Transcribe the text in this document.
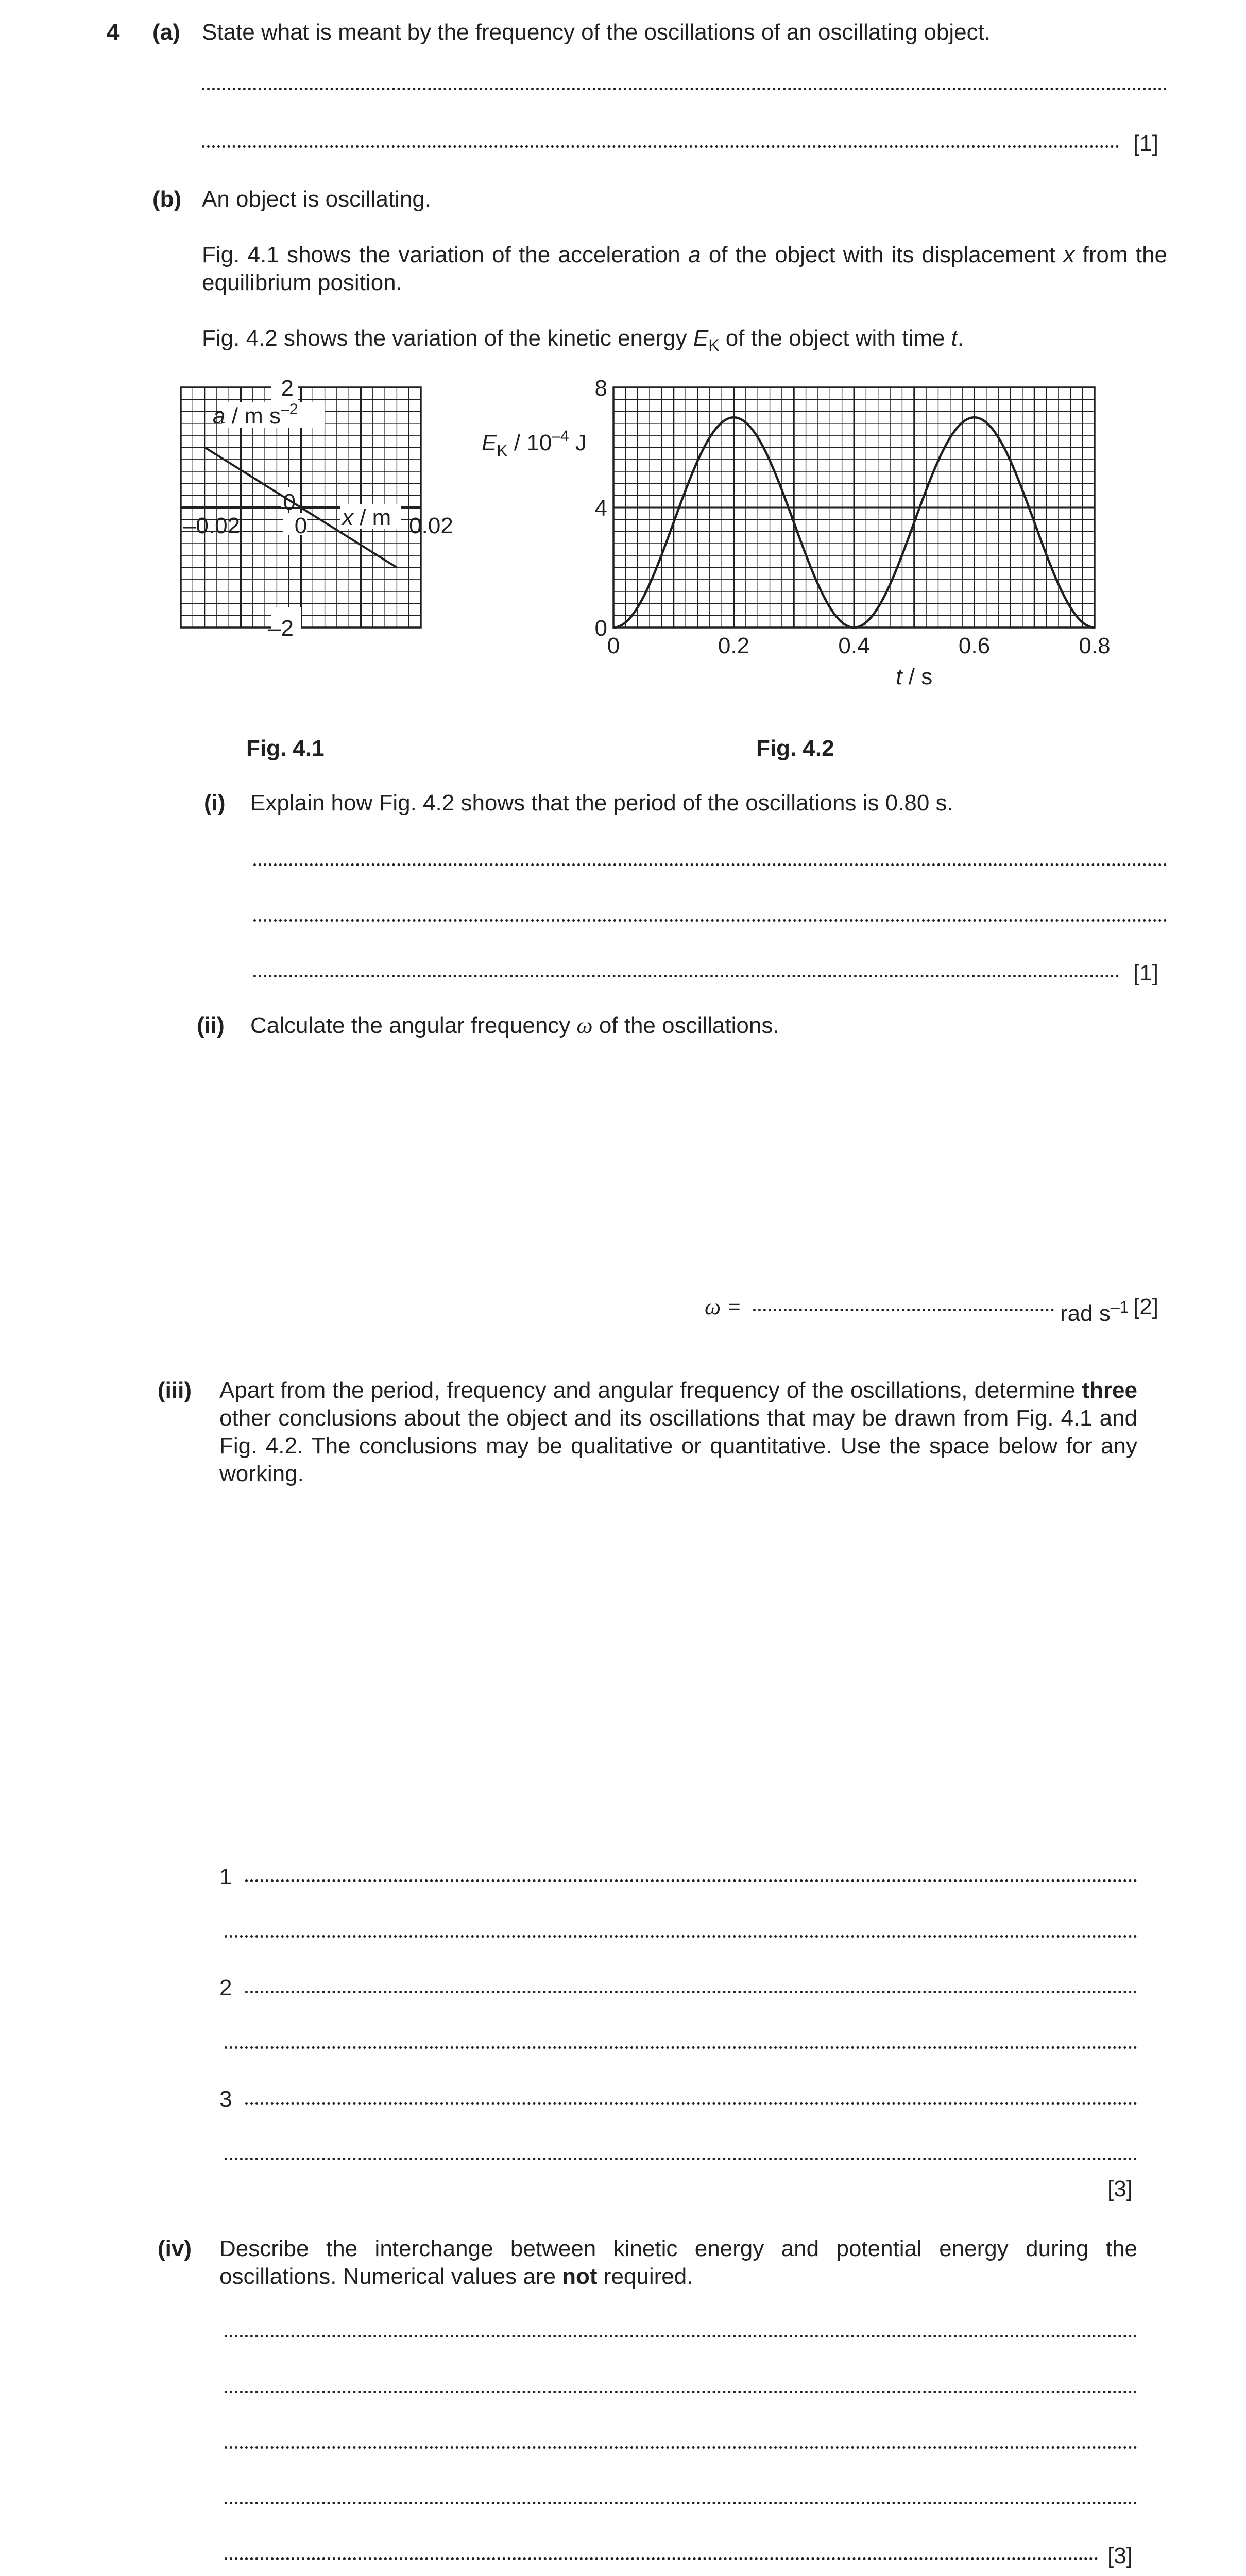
4 (a) State what is meant by the frequency of the oscillations of an oscillating object.
[1]
(b) An object is oscillating.
Fig. 4.1 shows the variation of the acceleration a of the object with its displacement x from the equilibrium position.
Fig. 4.2 shows the variation of the kinetic energy $E_K$ of the object with time t.
2
0
–2
–0.02 0	0.02
a / m $s^{-2}$
x / m
8
4
0
0	0.2	0.4	0.6	0.8
$E_K / 10^{-4}$ J
t / s
Fig. 4.1	Fig. 4.2
(i) Explain how Fig. 4.2 shows that the period of the oscillations is 0.80 s.
[1]
(ii) Calculate the angular frequency ω of the oscillations.
ω =	rad $s^{-1}$ [2]
(iii) Apart from the period, frequency and angular frequency of the oscillations, determine three other conclusions about the object and its oscillations that may be drawn from Fig. 4.1 and Fig. 4.2. The conclusions may be qualitative or quantitative. Use the space below for any working.
1
2
3
[3]
(iv) Describe the interchange between kinetic energy and potential energy during the oscillations. Numerical values are not required.
[3]
